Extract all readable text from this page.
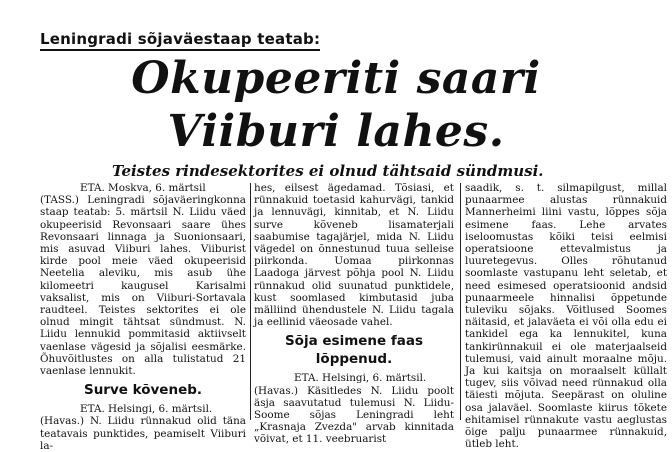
Leningradi sõjaväestaap teatab:
Okupeeriti saari
Viiburi lahes.
Teistes rindesektorites ei olnud tähtsaid sündmusi.

ETA. Moskva, 6. märtsil

(TASS.) Leningradi sõjaväeringkonna staap teatab: 5. märtsil N. Liidu väed okupeerisid Revonsaari saare ühes Revonsaari linnaga ja Suonionsaari, mis asuvad Viiburi lahes. Viiburist kirde pool meie väed okupeerisid Neetelia aleviku, mis asub ühe kilomeetri kaugusel Karisalmi vaksalist, mis on Viiburi-Sortavala raudteel. Teistes sektorites ei ole olnud mingit tähtsat sündmust. N. Liidu lennukid pommitasid aktiivselt vaenlase vägesid ja sõjalisi eesmärke. Õhuvõitlustes on alla tulistatud 21 vaenlase lennukit.

Surve kõveneb.

ETA. Helsingi, 6. märtsil.

(Havas.) N. Liidu rünnakud olid täna teatavais punktides, peamiselt Viiburi la-

hes, eilsest ägedamad. Tõsiasi, et rünnakuid toetasid kahurvägi, tankid ja lennuvägi, kinnitab, et N. Liidu surve kõveneb lisamaterjali saabumise tagajärjel, mida N. Liidu vägedel on õnnestunud tuua selleise piirkonda. Uomaa piirkonnas Laadoga järvest põhja pool N. Liidu rünnakud olid suunatud punktidele, kust soomlased kimbutasid juba mälliind ühendustele N. Liidu tagala ja eellinid väeosade vahel.

Sõja esimene faas lõppenud.

ETA. Helsingi, 6. märtsil.

(Havas.) Käsitledes N. Liidu poolt äsja saavutatud tulemusi N. Liidu-Soome sõjas Leningradi leht „Krasnaja Zvezda" arvab kinnitada võivat, et 11. veebruarist

saadik, s. t. silmapilgust, millal punaarmee alustas rünnakuid Mannerheimi liini vastu, lõppes sõja esimene faas. Lehe arvates iseloomustas kõiki teisi eelmisi operatsioone ettevalmistus ja luuretegevus. Olles rõhutanud soomlaste vastupanu leht seletab, et need esimesed operatsioonid andsid punaarmeele hinnalisi õppetunde tuleviku sõjaks. Võitlused Soomes näitasid, et jalaväeta ei või olla edu ei tankidel ega ka lennukitel, kuna tankirünnakuil ei ole materjaalseid tulemusi, vaid ainult moraalne mõju. Ja kui kaitsja on moraalselt küllalt tugev, siis võivad need rünnakud olla täiesti mõjuta. Seepärast on oluline osa jalaväel. Soomlaste kiirus tõkete ehitamisel rünnakute vastu aeglustas õige palju punaarmee rünnakuid, ütleb leht.
